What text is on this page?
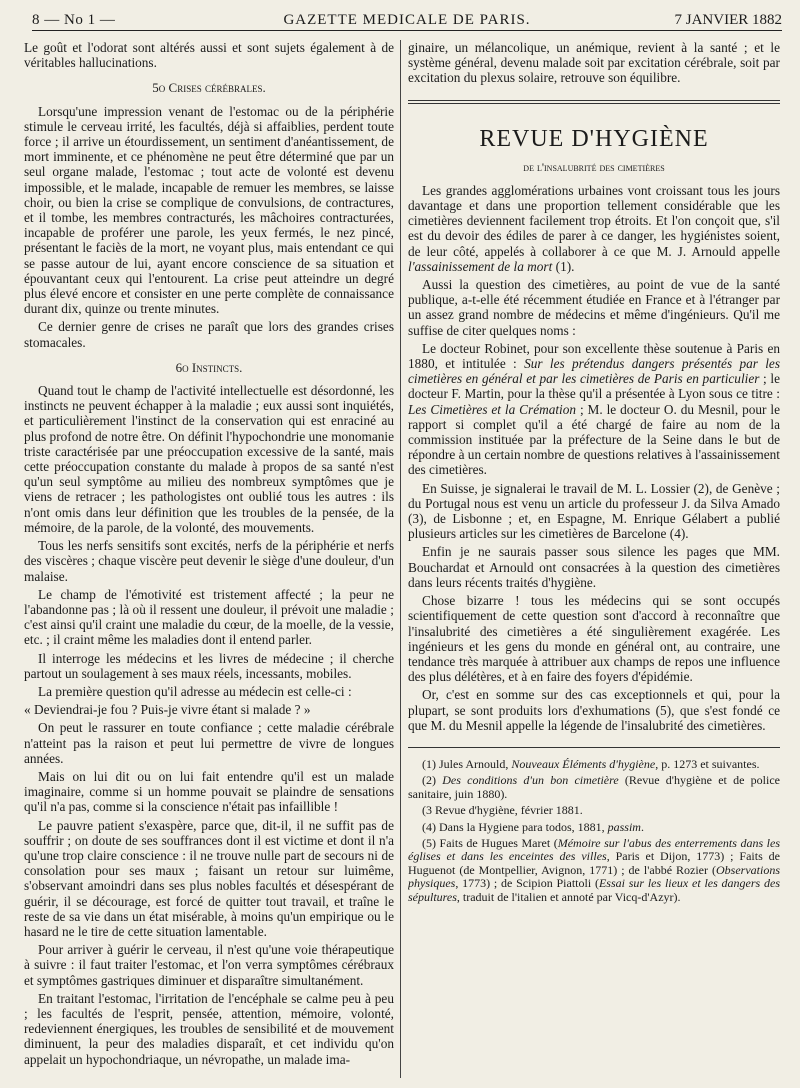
8 — No 1 —	GAZETTE MEDICALE DE PARIS.	7 JANVIER 1882

Le goût et l'odorat sont altérés aussi et sont sujets également à de véritables hallucinations.

5o Crises cérébrales.

Lorsqu'une impression venant de l'estomac ou de la périphérie stimule le cerveau irrité, les facultés, déjà si affaiblies, perdent toute force ; il arrive un étourdissement, un sentiment d'anéantissement, de mort imminente, et ce phénomène ne peut être déterminé que par un seul organe malade, l'estomac ; tout acte de volonté est devenu impossible, et le malade, incapable de remuer les membres, se laisse choir, ou bien la crise se complique de convulsions, de contractures, et il tombe, les membres contracturés, les mâchoires contracturées, incapable de proférer une parole, les yeux fermés, le nez pincé, présentant le faciès de la mort, ne voyant plus, mais entendant ce qui se passe autour de lui, ayant encore conscience de sa situation et épouvantant ceux qui l'entourent. La crise peut atteindre un degré plus élevé encore et consister en une perte complète de connaissance durant dix, quinze ou trente minutes.

Ce dernier genre de crises ne paraît que lors des grandes crises stomacales.

6o Instincts.

Quand tout le champ de l'activité intellectuelle est désordonné, les instincts ne peuvent échapper à la maladie ; eux aussi sont inquiétés, et particulièrement l'instinct de la conservation qui est enraciné au plus profond de notre être. On définit l'hypochondrie une monomanie triste caractérisée par une préoccupation excessive de la santé, mais cette préoccupation constante du malade à propos de sa santé n'est qu'un seul symptôme au milieu des nombreux symptômes que je viens de retracer ; les pathologistes ont oublié tous les autres : ils n'ont omis dans leur définition que les troubles de la pensée, de la mémoire, de la parole, de la volonté, des mouvements.

Tous les nerfs sensitifs sont excités, nerfs de la périphérie et nerfs des viscères ; chaque viscère peut devenir le siège d'une douleur, d'un malaise.

Le champ de l'émotivité est tristement affecté ; la peur ne l'abandonne pas ; là où il ressent une douleur, il prévoit une maladie ; c'est ainsi qu'il craint une maladie du cœur, de la moelle, de la vessie, etc. ; il craint même les maladies dont il entend parler.

Il interroge les médecins et les livres de médecine ; il cherche partout un soulagement à ses maux réels, incessants, mobiles.

La première question qu'il adresse au médecin est celle-ci :

« Deviendrai-je fou ? Puis-je vivre étant si malade ? »

On peut le rassurer en toute confiance ; cette maladie cérébrale n'atteint pas la raison et peut lui permettre de vivre de longues années.

Mais on lui dit ou on lui fait entendre qu'il est un malade imaginaire, comme si un homme pouvait se plaindre de sensations qu'il n'a pas, comme si la conscience n'était pas infaillible !

Le pauvre patient s'exaspère, parce que, dit-il, il ne suffit pas de souffrir ; on doute de ses souffrances dont il est victime et dont il n'a qu'une trop claire conscience : il ne trouve nulle part de secours ni de consolation pour ses maux ; faisant un retour sur luimême, s'observant amoindri dans ses plus nobles facultés et désespérant de guérir, il se décourage, est forcé de quitter tout travail, et traîne le reste de sa vie dans un état misérable, à moins qu'un empirique ou le hasard ne le tire de cette situation lamentable.

Pour arriver à guérir le cerveau, il n'est qu'une voie thérapeutique à suivre : il faut traiter l'estomac, et l'on verra symptômes cérébraux et symptômes gastriques diminuer et disparaître simultanément.

En traitant l'estomac, l'irritation de l'encéphale se calme peu à peu ; les facultés de l'esprit, pensée, attention, mémoire, volonté, redeviennent énergiques, les troubles de sensibilité et de mouvement diminuent, la peur des maladies disparaît, et cet individu qu'on appelait un hypochondriaque, un névropathe, un malade ima-

ginaire, un mélancolique, un anémique, revient à la santé ; et le système général, devenu malade soit par excitation cérébrale, soit par excitation du plexus solaire, retrouve son équilibre.

REVUE D'HYGIÈNE
de l'insalubrité des cimetières

Les grandes agglomérations urbaines vont croissant tous les jours davantage et dans une proportion tellement considérable que les cimetières deviennent facilement trop étroits. Et l'on conçoit que, s'il est du devoir des édiles de parer à ce danger, les hygiénistes soient, de leur côté, appelés à collaborer à ce que M. J. Arnould appelle l'assainissement de la mort (1).

Aussi la question des cimetières, au point de vue de la santé publique, a-t-elle été récemment étudiée en France et à l'étranger par un assez grand nombre de médecins et même d'ingénieurs. Qu'il me suffise de citer quelques noms :

Le docteur Robinet, pour son excellente thèse soutenue à Paris en 1880, et intitulée : Sur les prétendus dangers présentés par les cimetières en général et par les cimetières de Paris en particulier ; le docteur F. Martin, pour la thèse qu'il a présentée à Lyon sous ce titre : Les Cimetières et la Crémation ; M. le docteur O. du Mesnil, pour le rapport si complet qu'il a été chargé de faire au nom de la commission instituée par la préfecture de la Seine dans le but de répondre à un certain nombre de questions relatives à l'assainissement des cimetières.

En Suisse, je signalerai le travail de M. L. Lossier (2), de Genève ; du Portugal nous est venu un article du professeur J. da Silva Amado (3), de Lisbonne ; et, en Espagne, M. Enrique Gélabert a publié plusieurs articles sur les cimetières de Barcelone (4).

Enfin je ne saurais passer sous silence les pages que MM. Bouchardat et Arnould ont consacrées à la question des cimetières dans leurs récents traités d'hygiène.

Chose bizarre ! tous les médecins qui se sont occupés scientifiquement de cette question sont d'accord à reconnaître que l'insalubrité des cimetières a été singulièrement exagérée. Les ingénieurs et les gens du monde en général ont, au contraire, une tendance très marquée à attribuer aux champs de repos une influence des plus délétères, et à en faire des foyers d'épidémie.

Or, c'est en somme sur des cas exceptionnels et qui, pour la plupart, se sont produits lors d'exhumations (5), que s'est fondé ce que M. du Mesnil appelle la légende de l'insalubrité des cimetières.

(1) Jules Arnould, Nouveaux Éléments d'hygiène, p. 1273 et suivantes.

(2) Des conditions d'un bon cimetière (Revue d'hygiène et de police sanitaire, juin 1880).

(3 Revue d'hygiène, février 1881.

(4) Dans la Hygiene para todos, 1881, passim.

(5) Faits de Hugues Maret (Mémoire sur l'abus des enterrements dans les églises et dans les enceintes des villes, Paris et Dijon, 1773) ; Faits de Huguenot (de Montpellier, Avignon, 1771) ; de l'abbé Rozier (Observations physiques, 1773) ; de Scipion Piattoli (Essai sur les lieux et les dangers des sépultures, traduit de l'italien et annoté par Vicq-d'Azyr).
